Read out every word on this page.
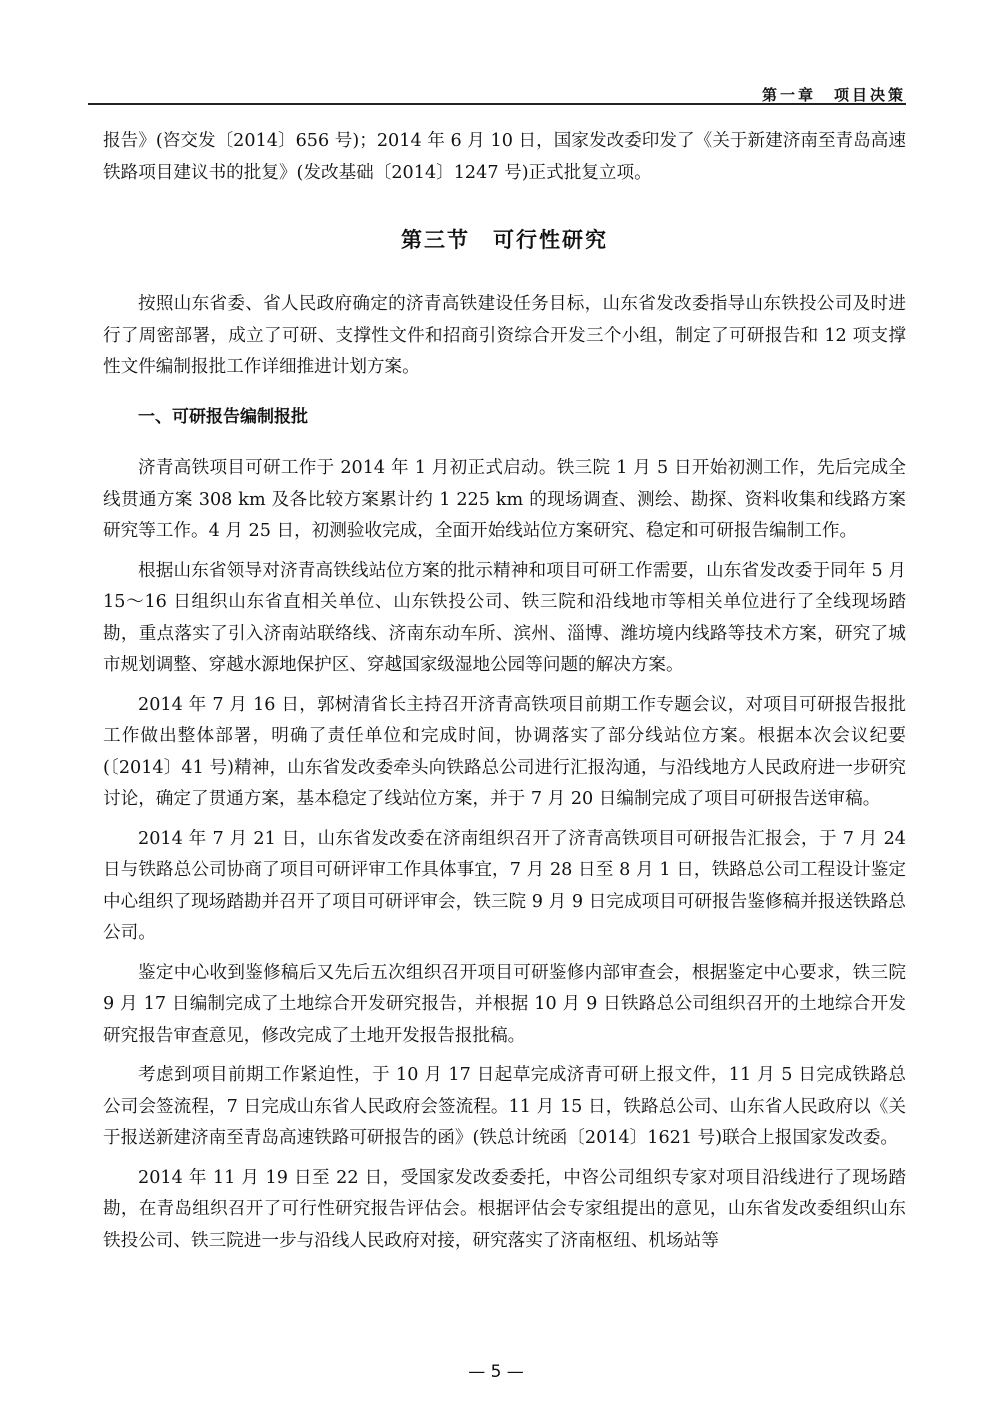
第一章　项目决策

报告》(咨交发〔2014〕656 号)；2014 年 6 月 10 日，国家发改委印发了《关于新建济南至青岛高速铁路项目建议书的批复》(发改基础〔2014〕1247 号)正式批复立项。

第三节　可行性研究

按照山东省委、省人民政府确定的济青高铁建设任务目标，山东省发改委指导山东铁投公司及时进行了周密部署，成立了可研、支撑性文件和招商引资综合开发三个小组，制定了可研报告和 12 项支撑性文件编制报批工作详细推进计划方案。

一、可研报告编制报批

济青高铁项目可研工作于 2014 年 1 月初正式启动。铁三院 1 月 5 日开始初测工作，先后完成全线贯通方案 308 km 及各比较方案累计约 1 225 km 的现场调查、测绘、勘探、资料收集和线路方案研究等工作。4 月 25 日，初测验收完成，全面开始线站位方案研究、稳定和可研报告编制工作。

根据山东省领导对济青高铁线站位方案的批示精神和项目可研工作需要，山东省发改委于同年 5 月 15～16 日组织山东省直相关单位、山东铁投公司、铁三院和沿线地市等相关单位进行了全线现场踏勘，重点落实了引入济南站联络线、济南东动车所、滨州、淄博、潍坊境内线路等技术方案，研究了城市规划调整、穿越水源地保护区、穿越国家级湿地公园等问题的解决方案。

2014 年 7 月 16 日，郭树清省长主持召开济青高铁项目前期工作专题会议，对项目可研报告报批工作做出整体部署，明确了责任单位和完成时间，协调落实了部分线站位方案。根据本次会议纪要(〔2014〕41 号)精神，山东省发改委牵头向铁路总公司进行汇报沟通，与沿线地方人民政府进一步研究讨论，确定了贯通方案，基本稳定了线站位方案，并于 7 月 20 日编制完成了项目可研报告送审稿。

2014 年 7 月 21 日，山东省发改委在济南组织召开了济青高铁项目可研报告汇报会，于 7 月 24 日与铁路总公司协商了项目可研评审工作具体事宜，7 月 28 日至 8 月 1 日，铁路总公司工程设计鉴定中心组织了现场踏勘并召开了项目可研评审会，铁三院 9 月 9 日完成项目可研报告鉴修稿并报送铁路总公司。

鉴定中心收到鉴修稿后又先后五次组织召开项目可研鉴修内部审查会，根据鉴定中心要求，铁三院 9 月 17 日编制完成了土地综合开发研究报告，并根据 10 月 9 日铁路总公司组织召开的土地综合开发研究报告审查意见，修改完成了土地开发报告报批稿。

考虑到项目前期工作紧迫性，于 10 月 17 日起草完成济青可研上报文件，11 月 5 日完成铁路总公司会签流程，7 日完成山东省人民政府会签流程。11 月 15 日，铁路总公司、山东省人民政府以《关于报送新建济南至青岛高速铁路可研报告的函》(铁总计统函〔2014〕1621 号)联合上报国家发改委。

2014 年 11 月 19 日至 22 日，受国家发改委委托，中咨公司组织专家对项目沿线进行了现场踏勘，在青岛组织召开了可行性研究报告评估会。根据评估会专家组提出的意见，山东省发改委组织山东铁投公司、铁三院进一步与沿线人民政府对接，研究落实了济南枢纽、机场站等

— 5 —
